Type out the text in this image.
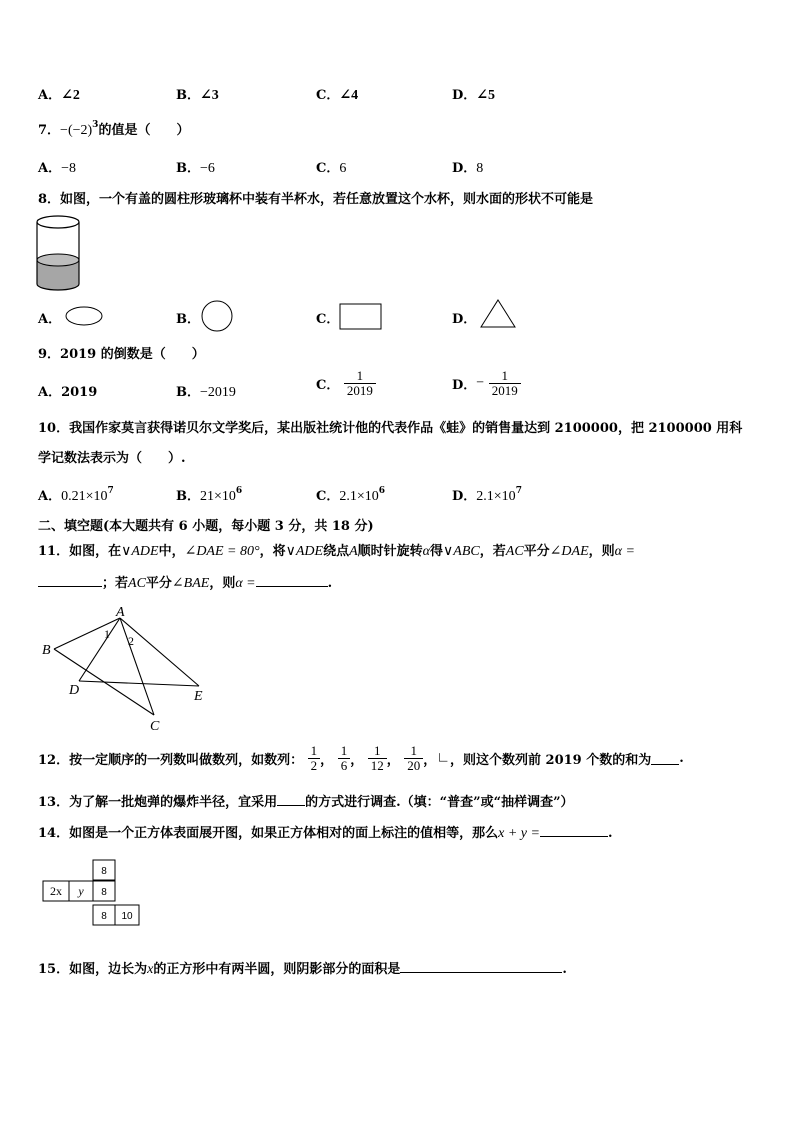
A．∠2	B．∠3	C．∠4	D．∠5
7．$-(-2)^3$的值是（　　）
A．−8	B．−6	C．6	D．8
8．如图，一个有盖的圆柱形玻璃杯中装有半杯水，若任意放置这个水杯，则水面的形状不可能是
A．	B．	C．	D．
9．2019 的倒数是（　　）
A．2019	B．−2019	C． $\frac{1}{2019}$	D．− $\frac{1}{2019}$
10．我国作家莫言获得诺贝尔文学奖后，某出版社统计他的代表作品《蛙》的销售量达到 2100000，把 2100000 用科
学记数法表示为（　　）.
A．$0.21\times 10^7$	B．$21\times 10^6$	C．$2.1\times 10^6$	D．$2.1\times 10^7$
二、填空题(本大题共有 6 小题，每小题 3 分，共 18 分)
11．如图，在∨ADE中，∠DAE = 80°，将∨ADE绕点A顺时针旋转α得∨ABC，若AC平分∠DAE，则α =
；若AC平分∠BAE，则α =	.
A
B
D	E
C
1 2
12．按一定顺序的一列数叫做数列，如数列： $\frac{1}{2}$ ， $\frac{1}{6}$ ， $\frac{1}{12}$ ， $\frac{1}{20}$ ，∟，则这个数列前 2019 个数的和为 .
13．为了解一批炮弹的爆炸半径，宜采用 的方式进行调查.（填：“普查”或“抽样调查”）
14．如图是一个正方体表面展开图，如果正方体相对的面上标注的值相等，那么x + y =	.
8
2x y 8
8 10
15．如图，边长为x的正方形中有两半圆，则阴影部分的面积是	.
